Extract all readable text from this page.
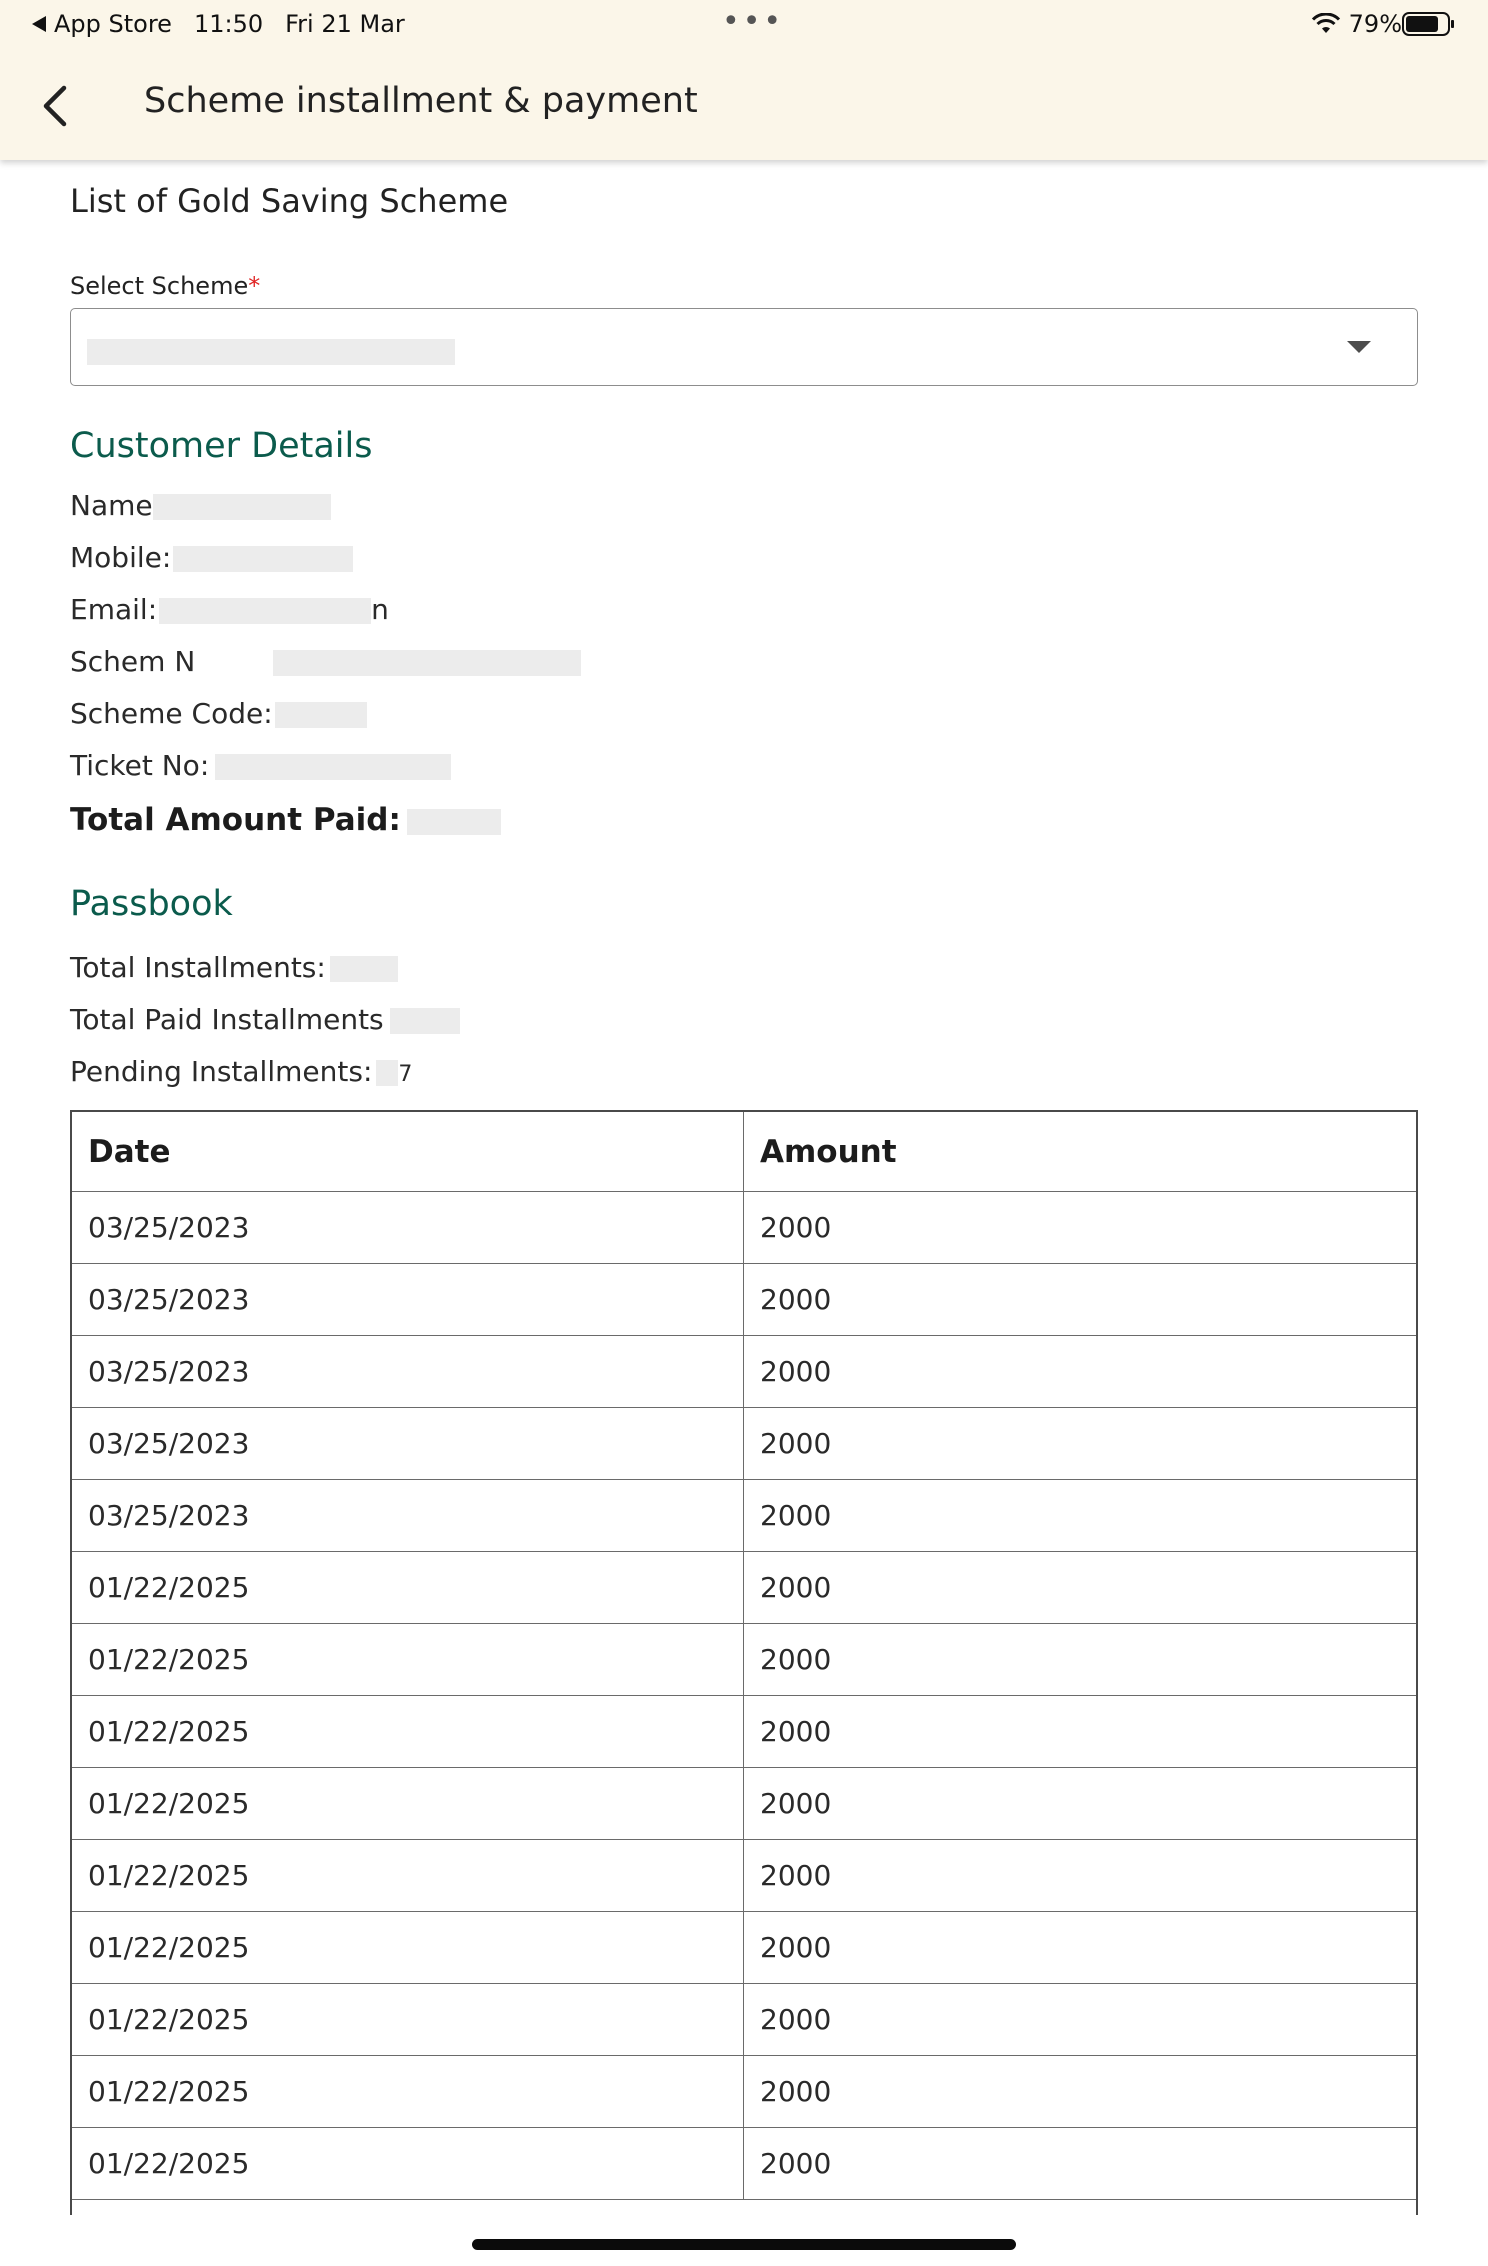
App Store 11:50 Fri 21 Mar	•••	79%
Scheme installment & payment
List of Gold Saving Scheme
Select Scheme*
Customer Details
Name
Mobile:
Email:	n
Schem N
Scheme Code:
Ticket No:
Total Amount Paid:
Passbook
Total Installments:
Total Paid Installments
Pending Installments: 7
Date	Amount
03/25/2023	2000
03/25/2023	2000
03/25/2023	2000
03/25/2023	2000
03/25/2023	2000
01/22/2025	2000
01/22/2025	2000
01/22/2025	2000
01/22/2025	2000
01/22/2025	2000
01/22/2025	2000
01/22/2025	2000
01/22/2025	2000
01/22/2025	2000
